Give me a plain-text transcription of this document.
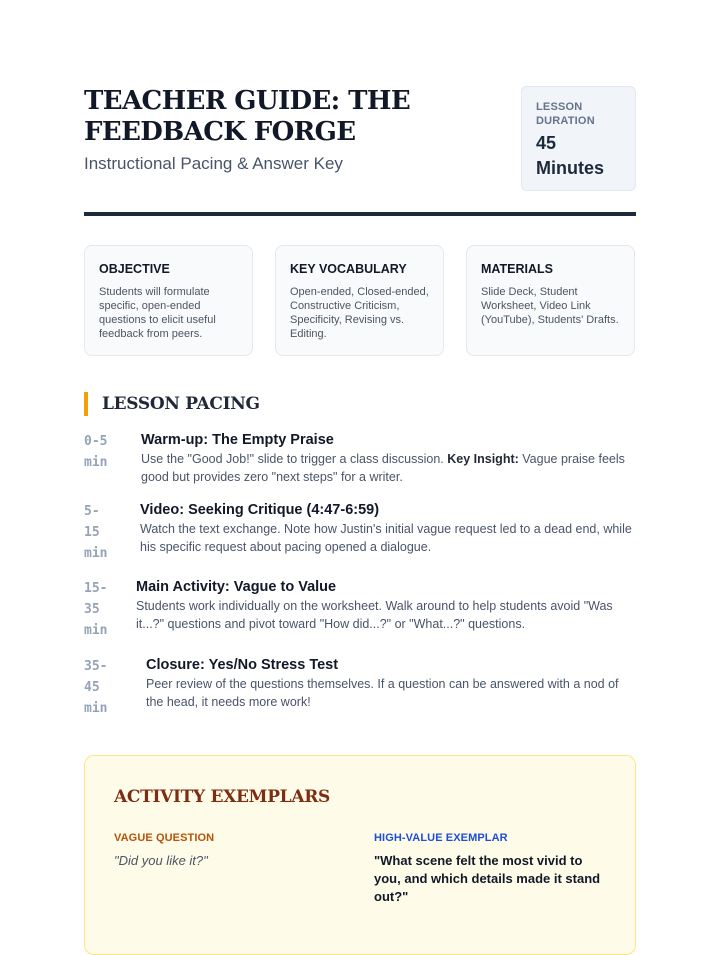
TEACHER GUIDE: THE FEEDBACK FORGE
Instructional Pacing & Answer Key
LESSON DURATION
45 Minutes
OBJECTIVE
Students will formulate specific, open-ended questions to elicit useful feedback from peers.
KEY VOCABULARY
Open-ended, Closed-ended, Constructive Criticism, Specificity, Revising vs. Editing.
MATERIALS
Slide Deck, Student Worksheet, Video Link (YouTube), Students' Drafts.
LESSON PACING
0-5 min
Warm-up: The Empty Praise
Use the "Good Job!" slide to trigger a class discussion. Key Insight: Vague praise feels good but provides zero "next steps" for a writer.
5-15 min
Video: Seeking Critique (4:47-6:59)
Watch the text exchange. Note how Justin's initial vague request led to a dead end, while his specific request about pacing opened a dialogue.
15-35 min
Main Activity: Vague to Value
Students work individually on the worksheet. Walk around to help students avoid "Was it...?" questions and pivot toward "How did...?" or "What...?" questions.
35-45 min
Closure: Yes/No Stress Test
Peer review of the questions themselves. If a question can be answered with a nod of the head, it needs more work!
ACTIVITY EXEMPLARS
VAGUE QUESTION	HIGH-VALUE EXEMPLAR
"Did you like it?"	"What scene felt the most vivid to you, and which details made it stand out?"
